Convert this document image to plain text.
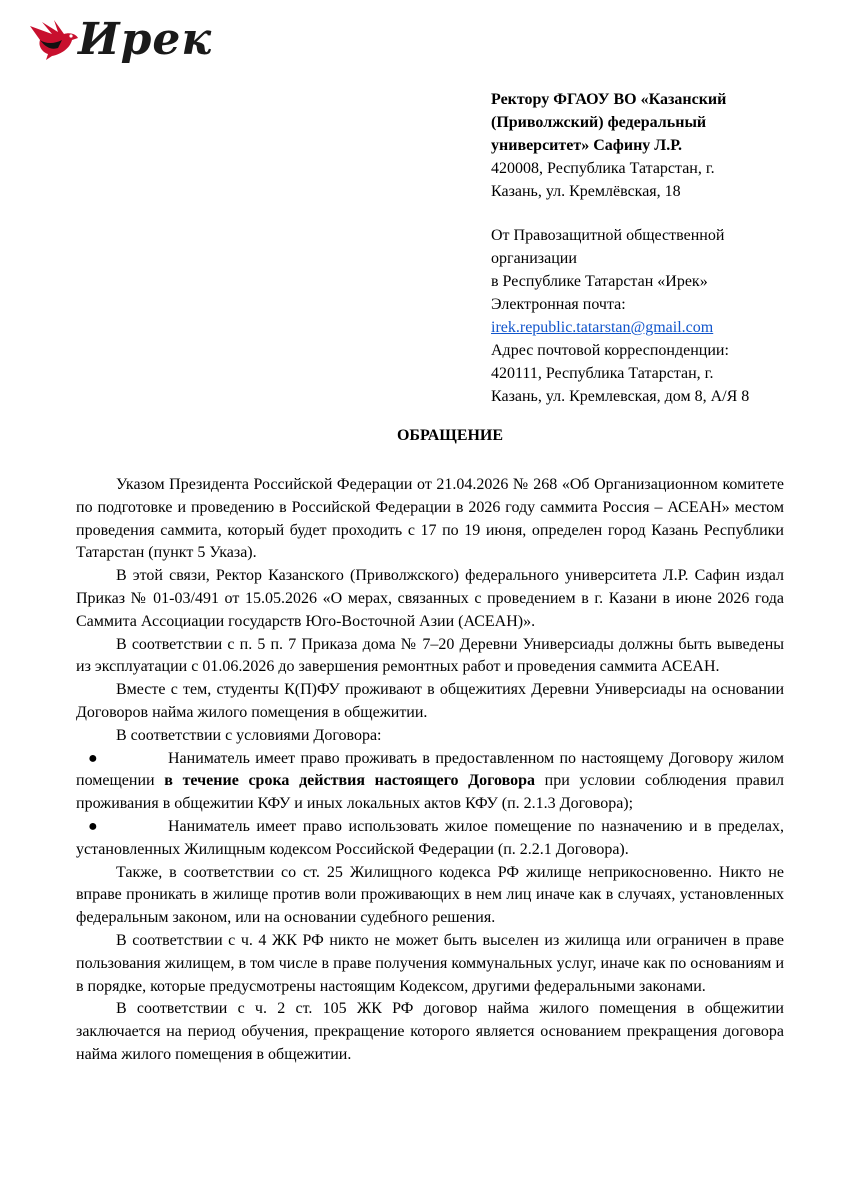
Ирек

Ректору ФГАОУ ВО «Казанский

(Приволжский) федеральный

университет» Сафину Л.Р.

420008, Республика Татарстан, г.

Казань, ул. Кремлёвская, 18

От Правозащитной общественной

организации

в Республике Татарстан «Ирек»

Электронная почта:

irek.republic.tatarstan@gmail.com

Адрес почтовой корреспонденции:

420111, Республика Татарстан, г.

Казань, ул. Кремлевская, дом 8, А/Я 8

ОБРАЩЕНИЕ

Указом Президента Российской Федерации от 21.04.2026 № 268 «Об Организационном комитете по подготовке и проведению в Российской Федерации в 2026 году саммита Россия – АСЕАН» местом проведения саммита, который будет проходить с 17 по 19 июня, определен город Казань Республики Татарстан (пункт 5 Указа).

В этой связи, Ректор Казанского (Приволжского) федерального университета Л.Р. Сафин издал Приказ № 01-03/491 от 15.05.2026 «О мерах, связанных с проведением в г. Казани в июне 2026 года Саммита Ассоциации государств Юго-Восточной Азии (АСЕАН)».

В соответствии с п. 5 п. 7 Приказа дома № 7–20 Деревни Универсиады должны быть выведены из эксплуатации с 01.06.2026 до завершения ремонтных работ и проведения саммита АСЕАН.

Вместе с тем, студенты К(П)ФУ проживают в общежитиях Деревни Универсиады на основании Договоров найма жилого помещения в общежитии.

В соответствии с условиями Договора:

●	Наниматель имеет право проживать в предоставленном по настоящему Договору жилом помещении в течение срока действия настоящего Договора при условии соблюдения правил проживания в общежитии КФУ и иных локальных актов КФУ (п. 2.1.3 Договора);

●	Наниматель имеет право использовать жилое помещение по назначению и в пределах, установленных Жилищным кодексом Российской Федерации (п. 2.2.1 Договора).

Также, в соответствии со ст. 25 Жилищного кодекса РФ жилище неприкосновенно. Никто не вправе проникать в жилище против воли проживающих в нем лиц иначе как в случаях, установленных федеральным законом, или на основании судебного решения.

В соответствии с ч. 4 ЖК РФ никто не может быть выселен из жилища или ограничен в праве пользования жилищем, в том числе в праве получения коммунальных услуг, иначе как по основаниям и в порядке, которые предусмотрены настоящим Кодексом, другими федеральными законами.

В соответствии с ч. 2 ст. 105 ЖК РФ договор найма жилого помещения в общежитии заключается на период обучения, прекращение которого является основанием прекращения договора найма жилого помещения в общежитии.
